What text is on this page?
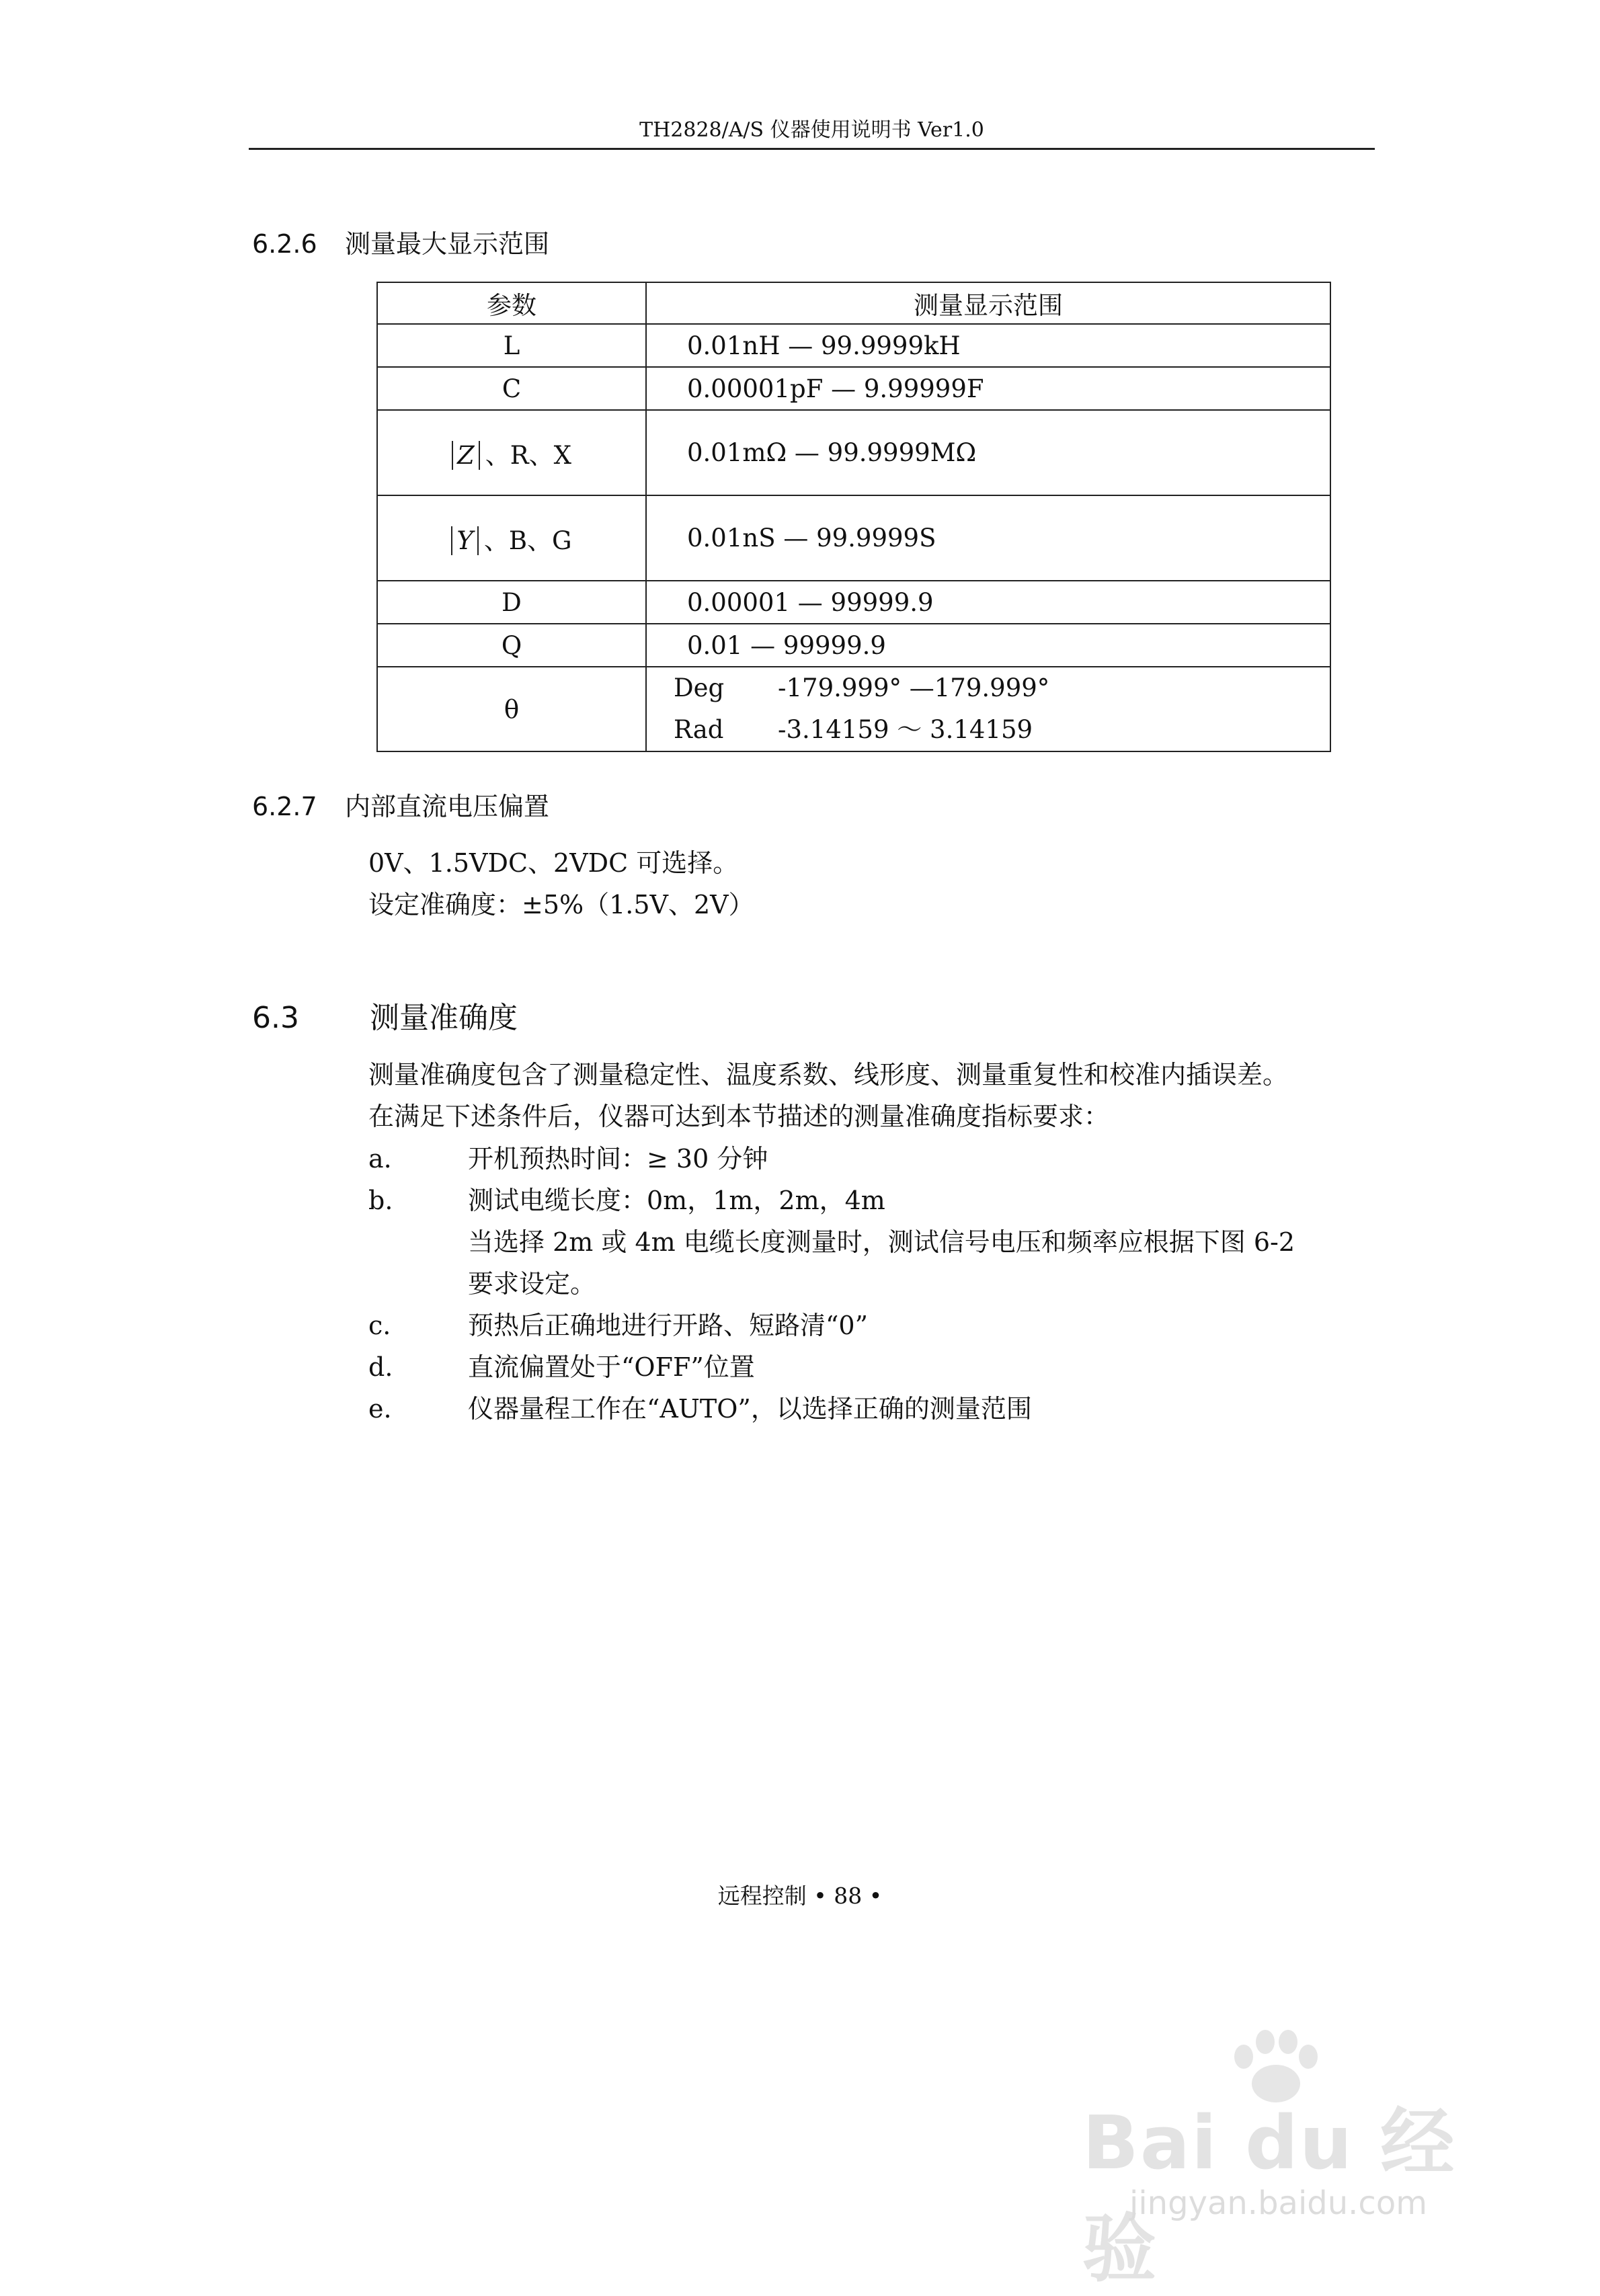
TH2828/A/S 仪器使用说明书 Ver1.0
6.2.6 测量最大显示范围
参数	测量显示范围
L	0.01nH — 99.9999kH
C	0.00001pF — 9.99999F
Z 、R、X	0.01mΩ — 99.9999MΩ
Y 、B、G	0.01nS — 99.9999S
D	0.00001 — 99999.9
Q	0.01 — 99999.9
θ	Deg -179.999° —179.999°
Rad -3.14159 ～ 3.14159
6.2.7 内部直流电压偏置
0V、1.5VDC、2VDC 可选择。
设定准确度：±5%（1.5V、2V）
6.3 测量准确度
测量准确度包含了测量稳定性、温度系数、线形度、测量重复性和校准内插误差。
在满足下述条件后，仪器可达到本节描述的测量准确度指标要求：
a.	开机预热时间：≥ 30 分钟
b.	测试电缆长度：0m，1m，2m，4m
当选择 2m 或 4m 电缆长度测量时，测试信号电压和频率应根据下图 6-2
要求设定。
c.	预热后正确地进行开路、短路清“0”
d.	直流偏置处于“OFF”位置
e.	仪器量程工作在“AUTO”，以选择正确的测量范围
远程控制 • 88 •
Bai du 经验
jingyan.baidu.com
